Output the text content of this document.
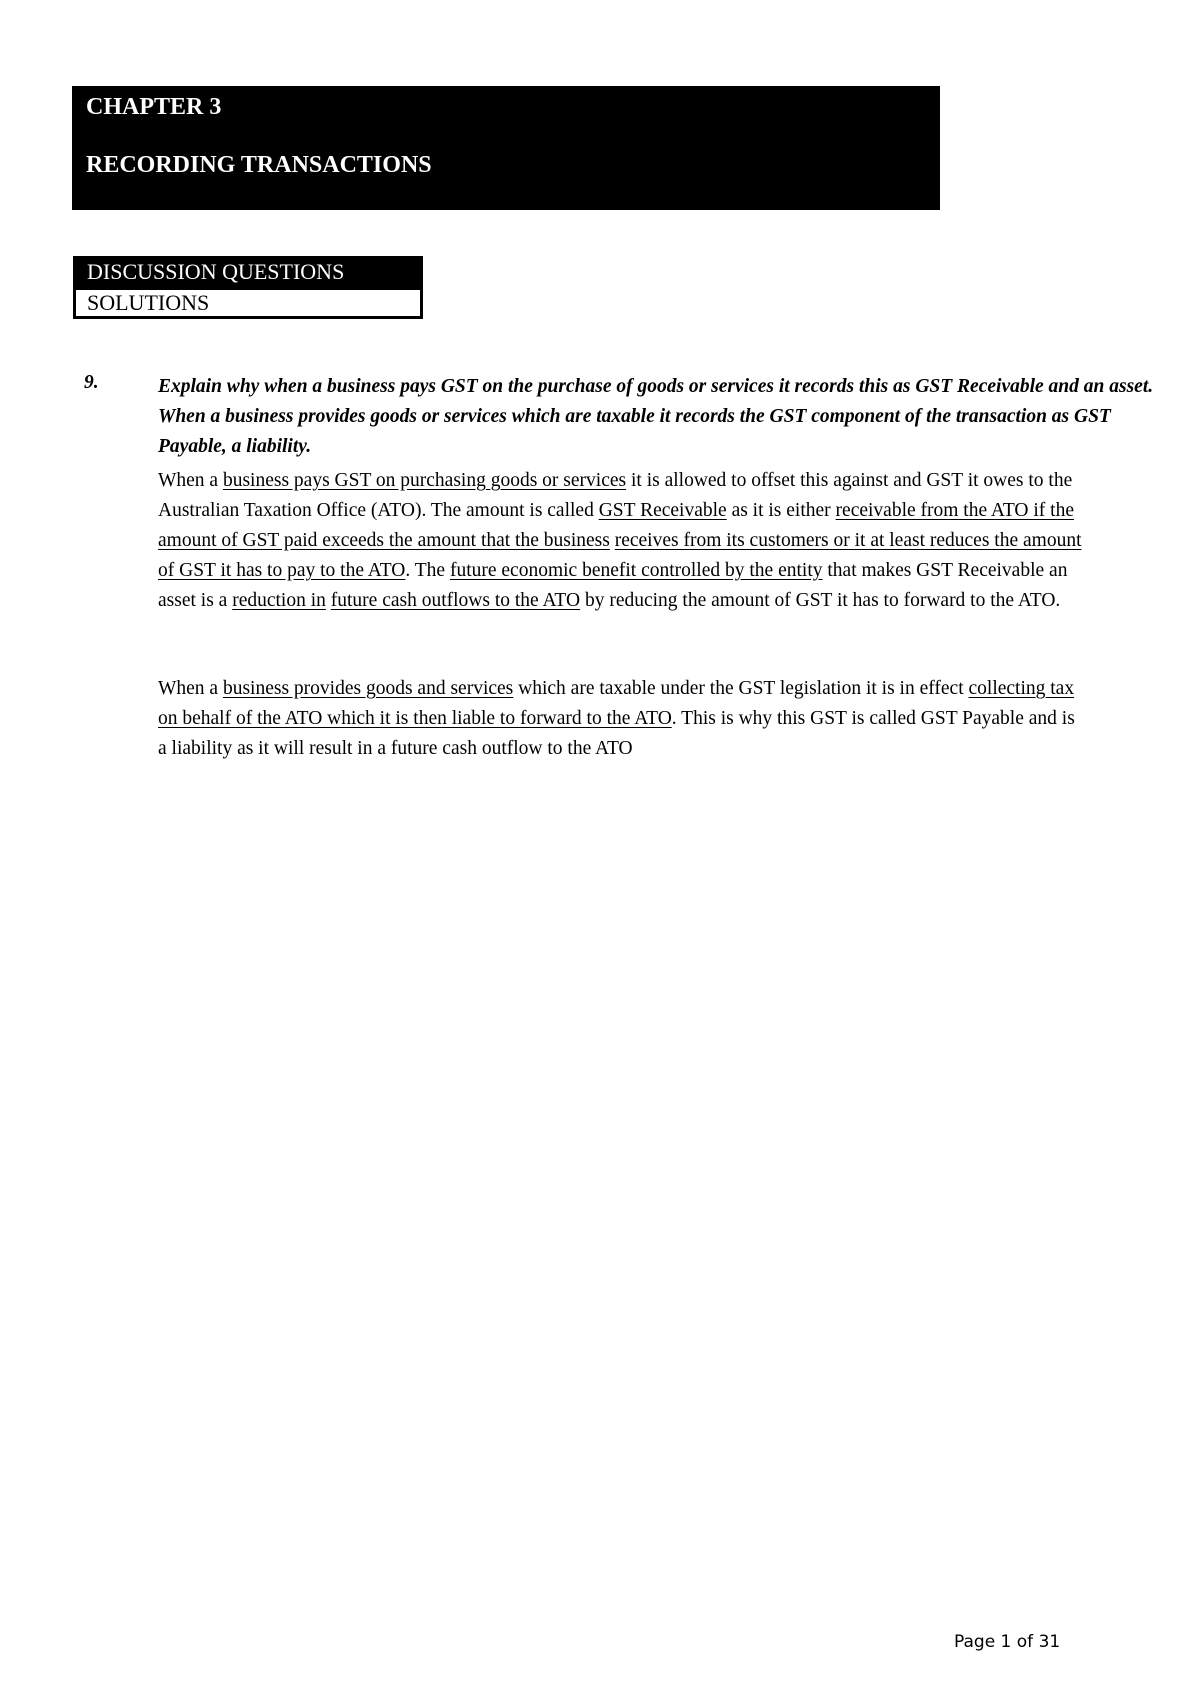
CHAPTER 3
RECORDING TRANSACTIONS
DISCUSSION QUESTIONS
SOLUTIONS
9.	Explain why when a business pays GST on the purchase of goods or services it records this as GST Receivable and an asset. When a business provides goods or services which are taxable it records the GST component of the transaction as GST Payable, a liability.
When a business pays GST on purchasing goods or services it is allowed to offset this against and GST it owes to the Australian Taxation Office (ATO). The amount is called GST Receivable as it is either receivable from the ATO if the amount of GST paid exceeds the amount that the business receives from its customers or it at least reduces the amount of GST it has to pay to the ATO. The future economic benefit controlled by the entity that makes GST Receivable an asset is a reduction in future cash outflows to the ATO by reducing the amount of GST it has to forward to the ATO.
When a business provides goods and services which are taxable under the GST legislation it is in effect collecting tax on behalf of the ATO which it is then liable to forward to the ATO. This is why this GST is called GST Payable and is a liability as it will result in a future cash outflow to the ATO
Page 1 of 31
